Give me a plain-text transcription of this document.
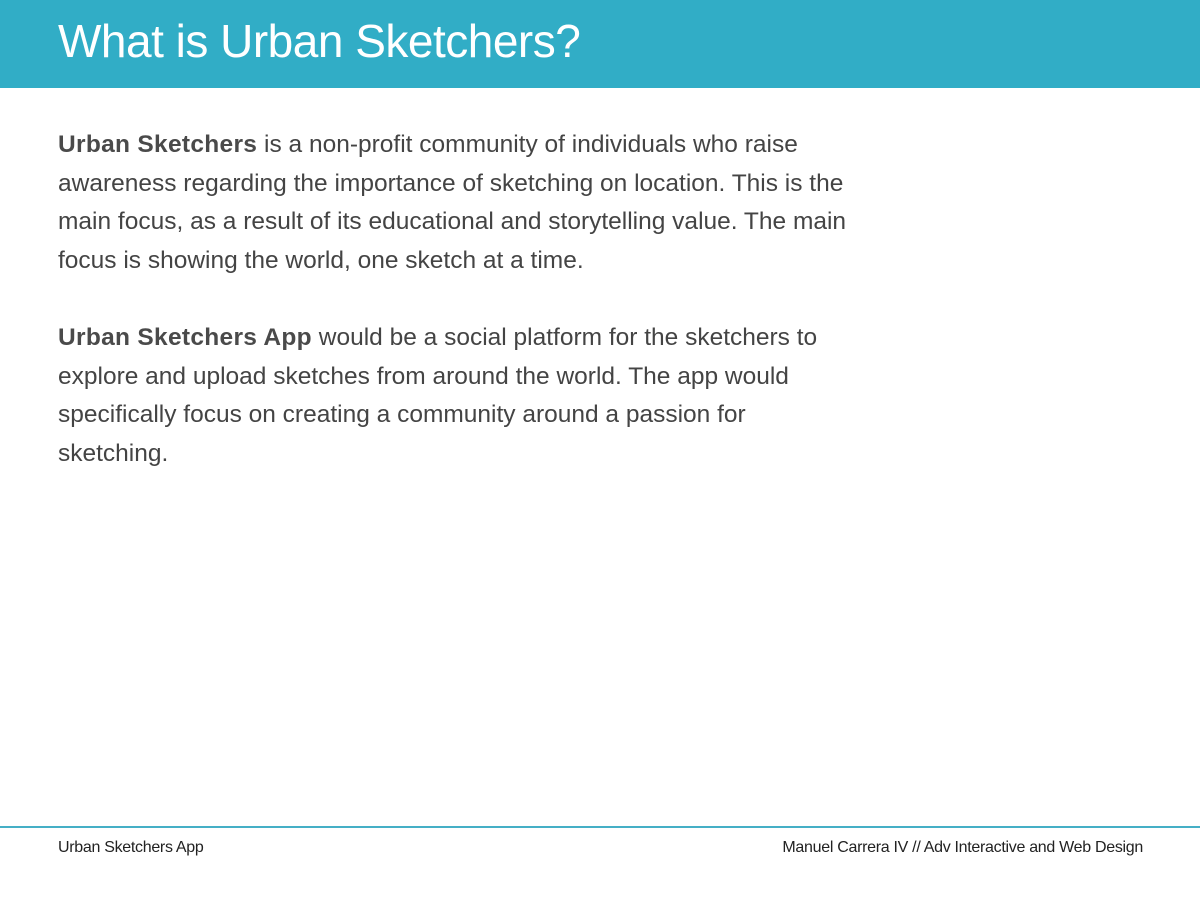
What is Urban Sketchers?
Urban Sketchers is a non-profit community of individuals who raise awareness regarding the importance of sketching on location. This is the main focus, as a result of its educational and storytelling value. The main focus is showing the world, one sketch at a time.
Urban Sketchers App would be a social platform for the sketchers to explore and upload sketches from around the world. The app would specifically focus on creating a community around a passion for sketching.
Urban Sketchers App	Manuel Carrera IV // Adv Interactive and Web Design
